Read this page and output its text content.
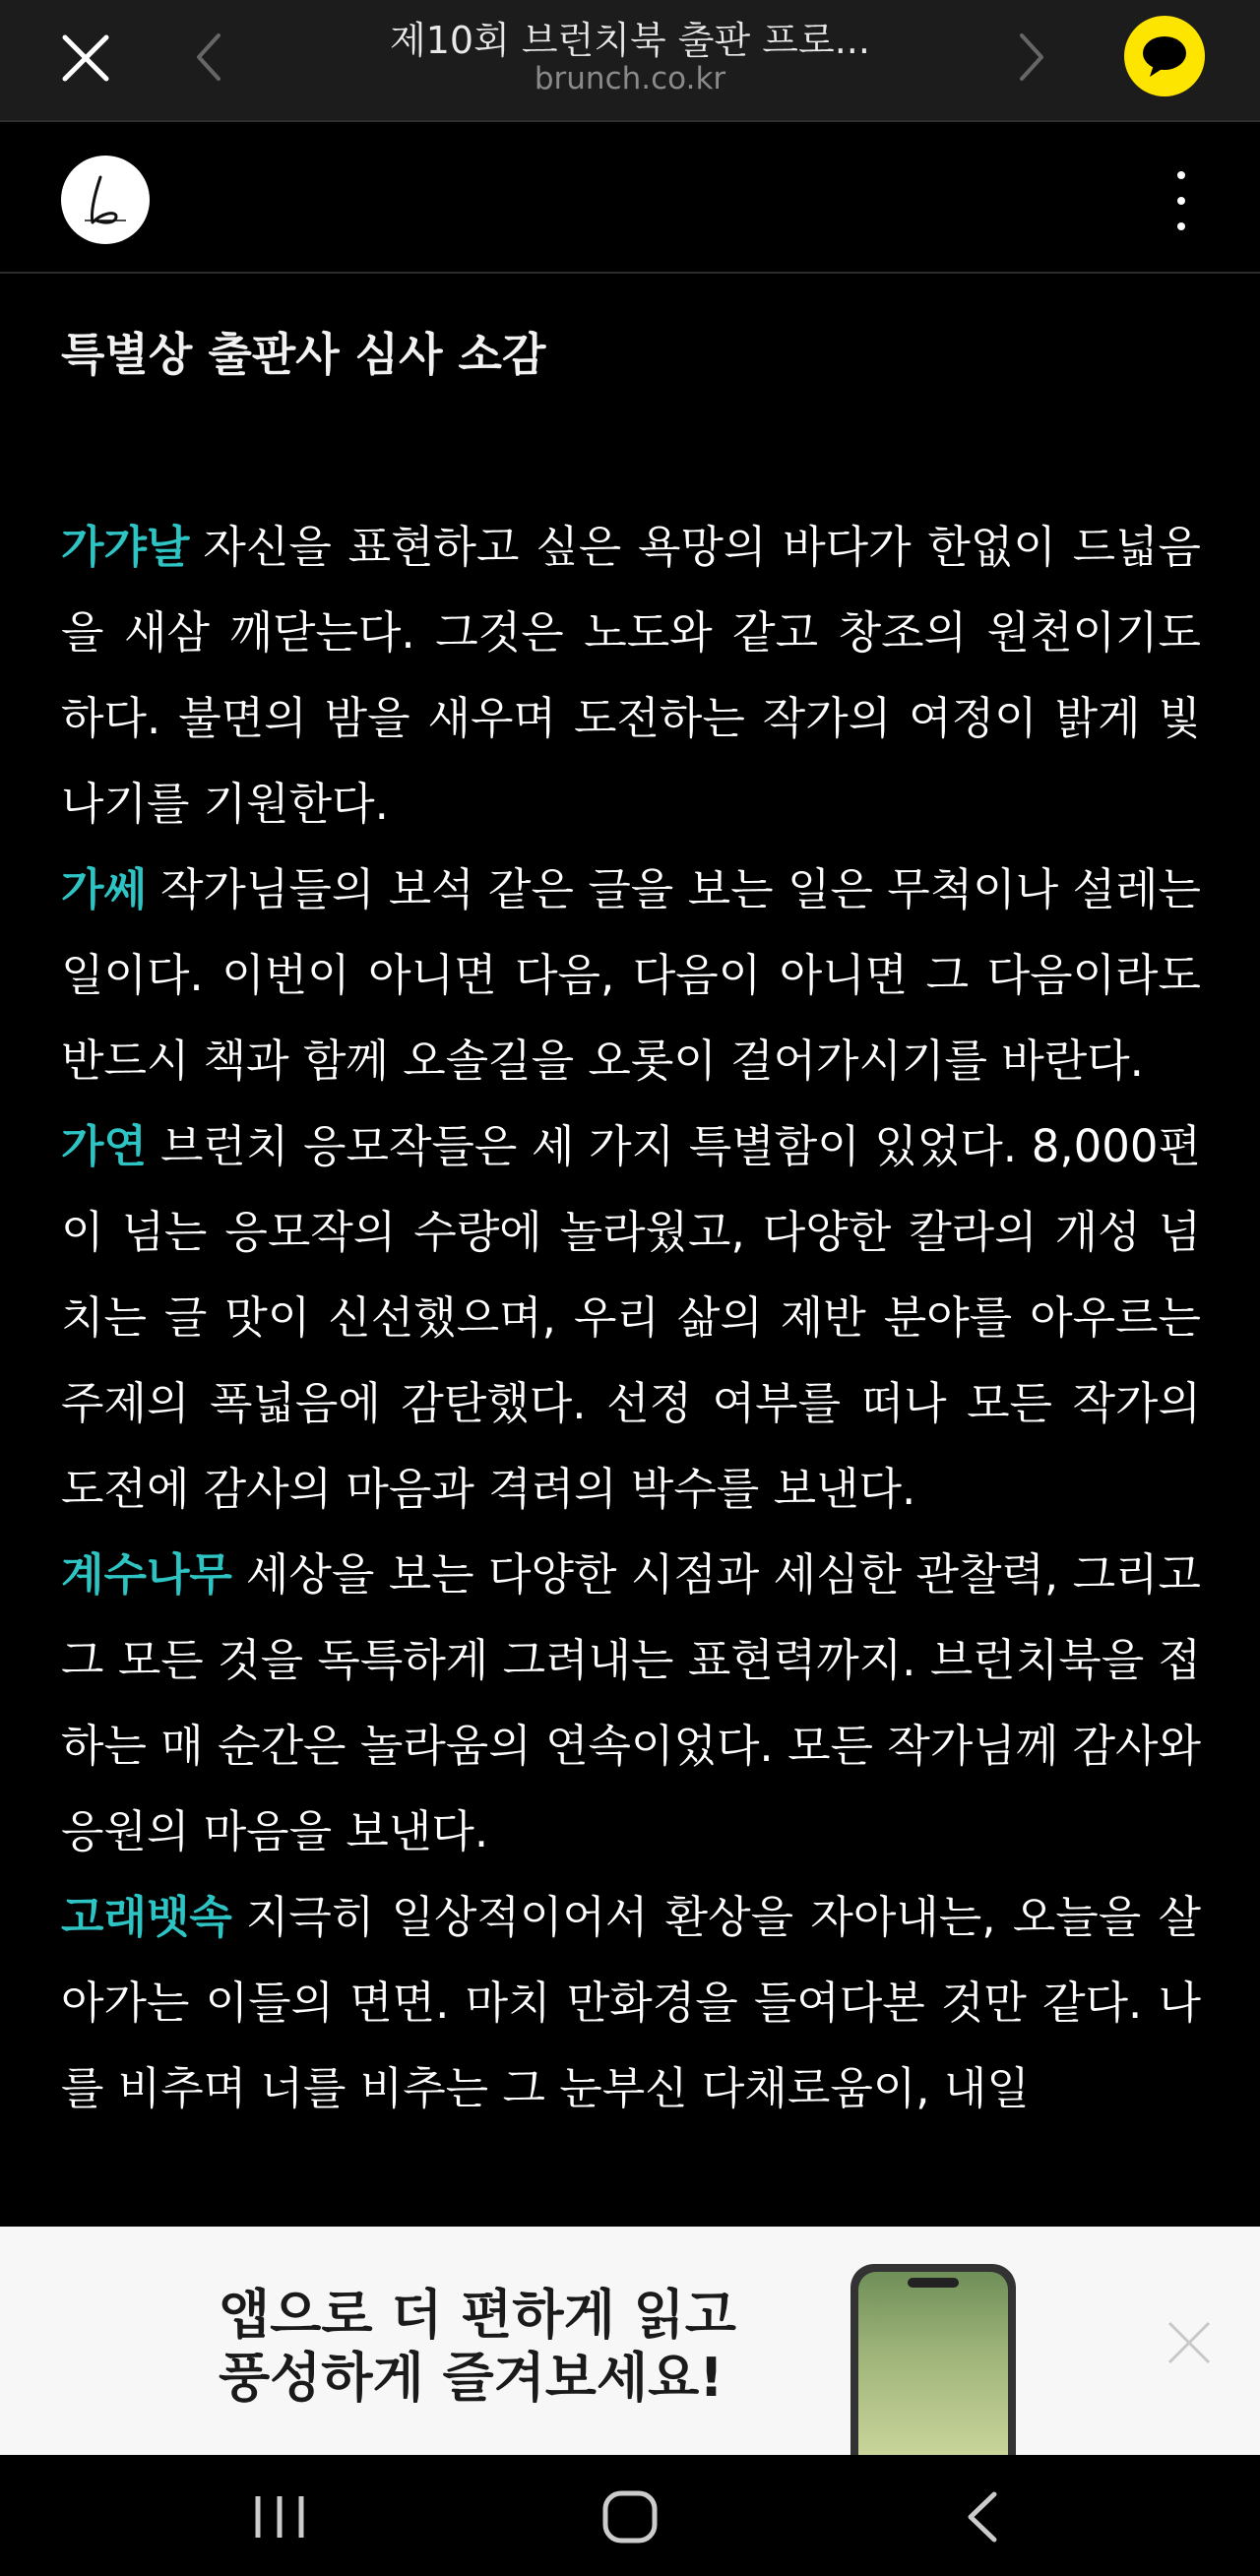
제10회 브런치북 출판 프로...
brunch.co.kr
특별상 출판사 심사 소감

가갸날 자신을 표현하고 싶은 욕망의 바다가 한없이 드넓음을 새삼 깨닫는다. 그것은 노도와 같고 창조의 원천이기도 하다. 불면의 밤을 새우며 도전하는 작가의 여정이 밝게 빛나기를 기원한다.

가쎄 작가님들의 보석 같은 글을 보는 일은 무척이나 설레는 일이다. 이번이 아니면 다음, 다음이 아니면 그 다음이라도 반드시 책과 함께 오솔길을 오롯이 걸어가시기를 바란다.

가연 브런치 응모작들은 세 가지 특별함이 있었다. 8,000편이 넘는 응모작의 수량에 놀라웠고, 다양한 칼라의 개성 넘치는 글 맛이 신선했으며, 우리 삶의 제반 분야를 아우르는 주제의 폭넓음에 감탄했다. 선정 여부를 떠나 모든 작가의 도전에 감사의 마음과 격려의 박수를 보낸다.

계수나무 세상을 보는 다양한 시점과 세심한 관찰력, 그리고 그 모든 것을 독특하게 그려내는 표현력까지. 브런치북을 접하는 매 순간은 놀라움의 연속이었다. 모든 작가님께 감사와 응원의 마음을 보낸다.

고래뱃속 지극히 일상적이어서 환상을 자아내는, 오늘을 살아가는 이들의 면면. 마치 만화경을 들여다본 것만 같다. 나를 비추며 너를 비추는 그 눈부신 다채로움이, 내일

앱으로 더 편하게 읽고
풍성하게 즐겨보세요!
